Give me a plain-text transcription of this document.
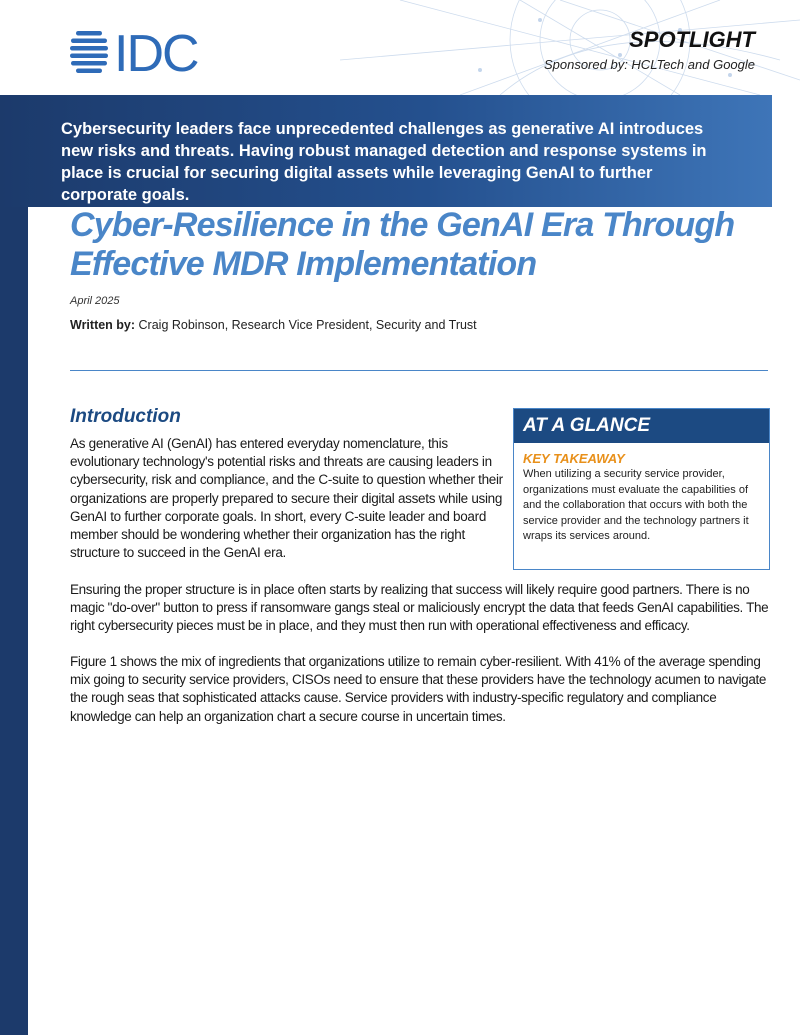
IDC	SPOTLIGHT
Sponsored by: HCLTech and Google
Cybersecurity leaders face unprecedented challenges as generative AI introduces new risks and threats. Having robust managed detection and response systems in place is crucial for securing digital assets while leveraging GenAI to further corporate goals.
Cyber-Resilience in the GenAI Era Through Effective MDR Implementation
April 2025
Written by: Craig Robinson, Research Vice President, Security and Trust
Introduction
As generative AI (GenAI) has entered everyday nomenclature, this evolutionary technology's potential risks and threats are causing leaders in cybersecurity, risk and compliance, and the C-suite to question whether their organizations are properly prepared to secure their digital assets while using GenAI to further corporate goals. In short, every C-suite leader and board member should be wondering whether their organization has the right structure to succeed in the GenAI era.
AT A GLANCE
KEY TAKEAWAY
When utilizing a security service provider, organizations must evaluate the capabilities of and the collaboration that occurs with both the service provider and the technology partners it wraps its services around.
Ensuring the proper structure is in place often starts by realizing that success will likely require good partners. There is no magic "do-over" button to press if ransomware gangs steal or maliciously encrypt the data that feeds GenAI capabilities. The right cybersecurity pieces must be in place, and they must then run with operational effectiveness and efficacy.
Figure 1 shows the mix of ingredients that organizations utilize to remain cyber-resilient. With 41% of the average spending mix going to security service providers, CISOs need to ensure that these providers have the technology acumen to navigate the rough seas that sophisticated attacks cause. Service providers with industry-specific regulatory and compliance knowledge can help an organization chart a secure course in uncertain times.
